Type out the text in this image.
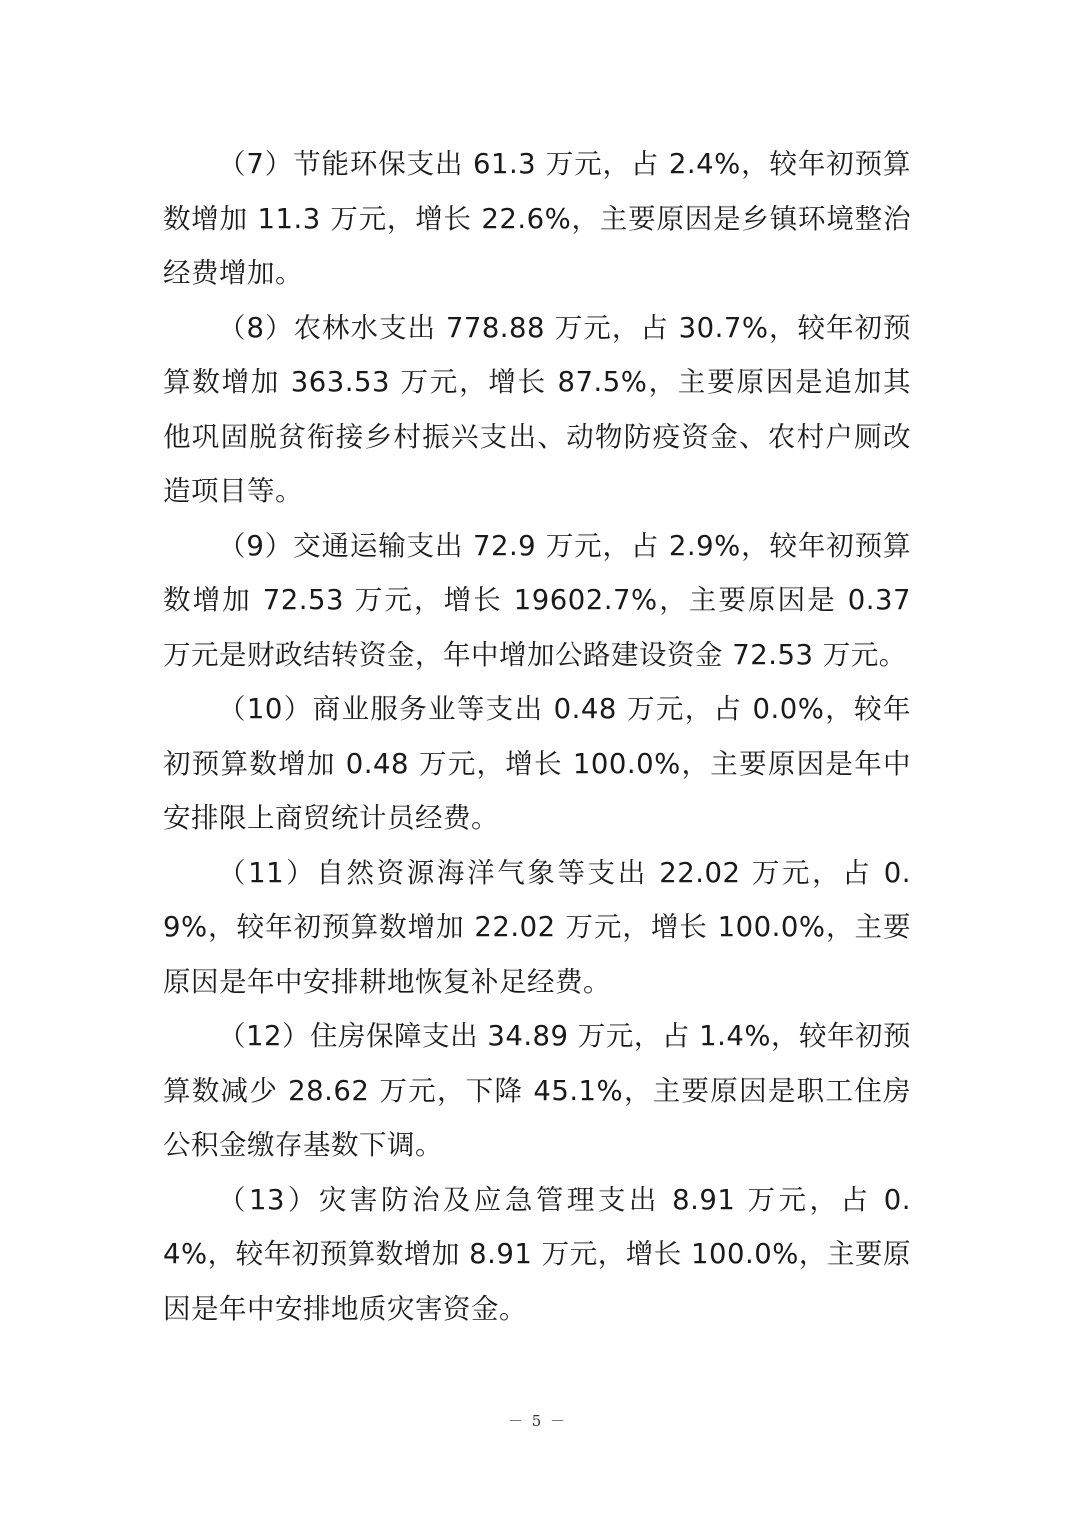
（7）节能环保支出 61.3 万元，占 2.4%，较年初预算数增加 11.3 万元，增长 22.6%，主要原因是乡镇环境整治经费增加。

（8）农林水支出 778.88 万元，占 30.7%，较年初预算数增加 363.53 万元，增长 87.5%，主要原因是追加其他巩固脱贫衔接乡村振兴支出、动物防疫资金、农村户厕改造项目等。

（9）交通运输支出 72.9 万元，占 2.9%，较年初预算数增加 72.53 万元，增长 19602.7%，主要原因是 0.37 万元是财政结转资金，年中增加公路建设资金 72.53 万元。

（10）商业服务业等支出 0.48 万元，占 0.0%，较年初预算数增加 0.48 万元，增长 100.0%，主要原因是年中安排限上商贸统计员经费。

（11）自然资源海洋气象等支出 22.02 万元，占 0.9%，较年初预算数增加 22.02 万元，增长 100.0%，主要原因是年中安排耕地恢复补足经费。

（12）住房保障支出 34.89 万元，占 1.4%，较年初预算数减少 28.62 万元，下降 45.1%，主要原因是职工住房公积金缴存基数下调。

（13）灾害防治及应急管理支出 8.91 万元，占 0.4%，较年初预算数增加 8.91 万元，增长 100.0%，主要原因是年中安排地质灾害资金。

－ 5 －
